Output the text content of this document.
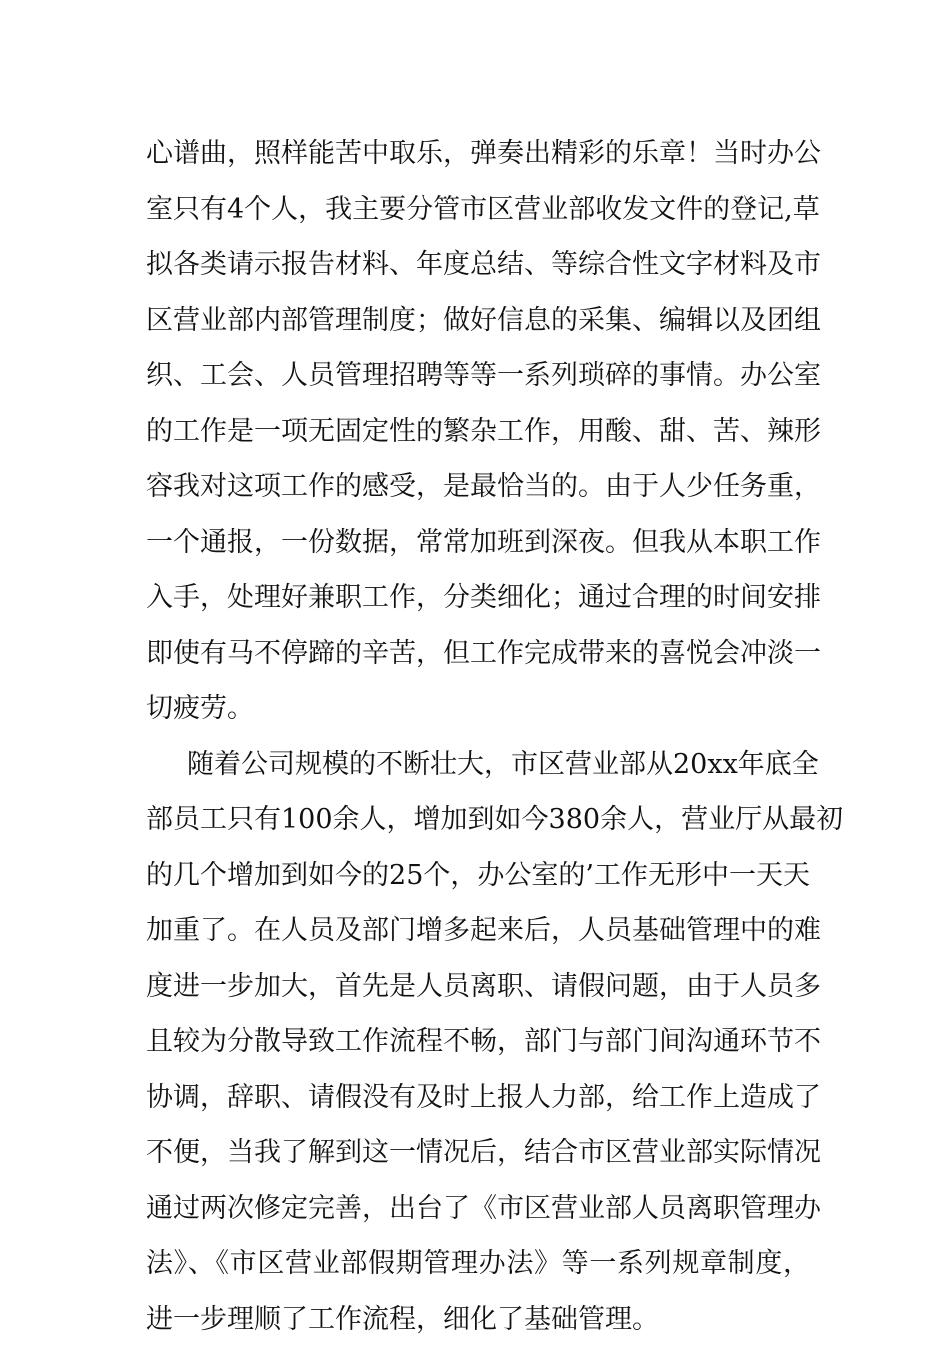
心谱曲，照样能苦中取乐，弹奏出精彩的乐章！当时办公
室只有4个人，我主要分管市区营业部收发文件的登记,草
拟各类请示报告材料、年度总结、等综合性文字材料及市
区营业部内部管理制度；做好信息的采集、编辑以及团组
织、工会、人员管理招聘等等一系列琐碎的事情。办公室
的工作是一项无固定性的繁杂工作，用酸、甜、苦、辣形
容我对这项工作的感受，是最恰当的。由于人少任务重，
一个通报，一份数据，常常加班到深夜。但我从本职工作
入手，处理好兼职工作，分类细化；通过合理的时间安排
即使有马不停蹄的辛苦，但工作完成带来的喜悦会冲淡一
切疲劳。
随着公司规模的不断壮大，市区营业部从20xx年底全
部员工只有100余人，增加到如今380余人，营业厅从最初
的几个增加到如今的25个，办公室的’工作无形中一天天
加重了。在人员及部门增多起来后，人员基础管理中的难
度进一步加大，首先是人员离职、请假问题，由于人员多
且较为分散导致工作流程不畅，部门与部门间沟通环节不
协调，辞职、请假没有及时上报人力部，给工作上造成了
不便，当我了解到这一情况后，结合市区营业部实际情况
通过两次修定完善，出台了《市区营业部人员离职管理办
法》、《市区营业部假期管理办法》等一系列规章制度，
进一步理顺了工作流程，细化了基础管理。
